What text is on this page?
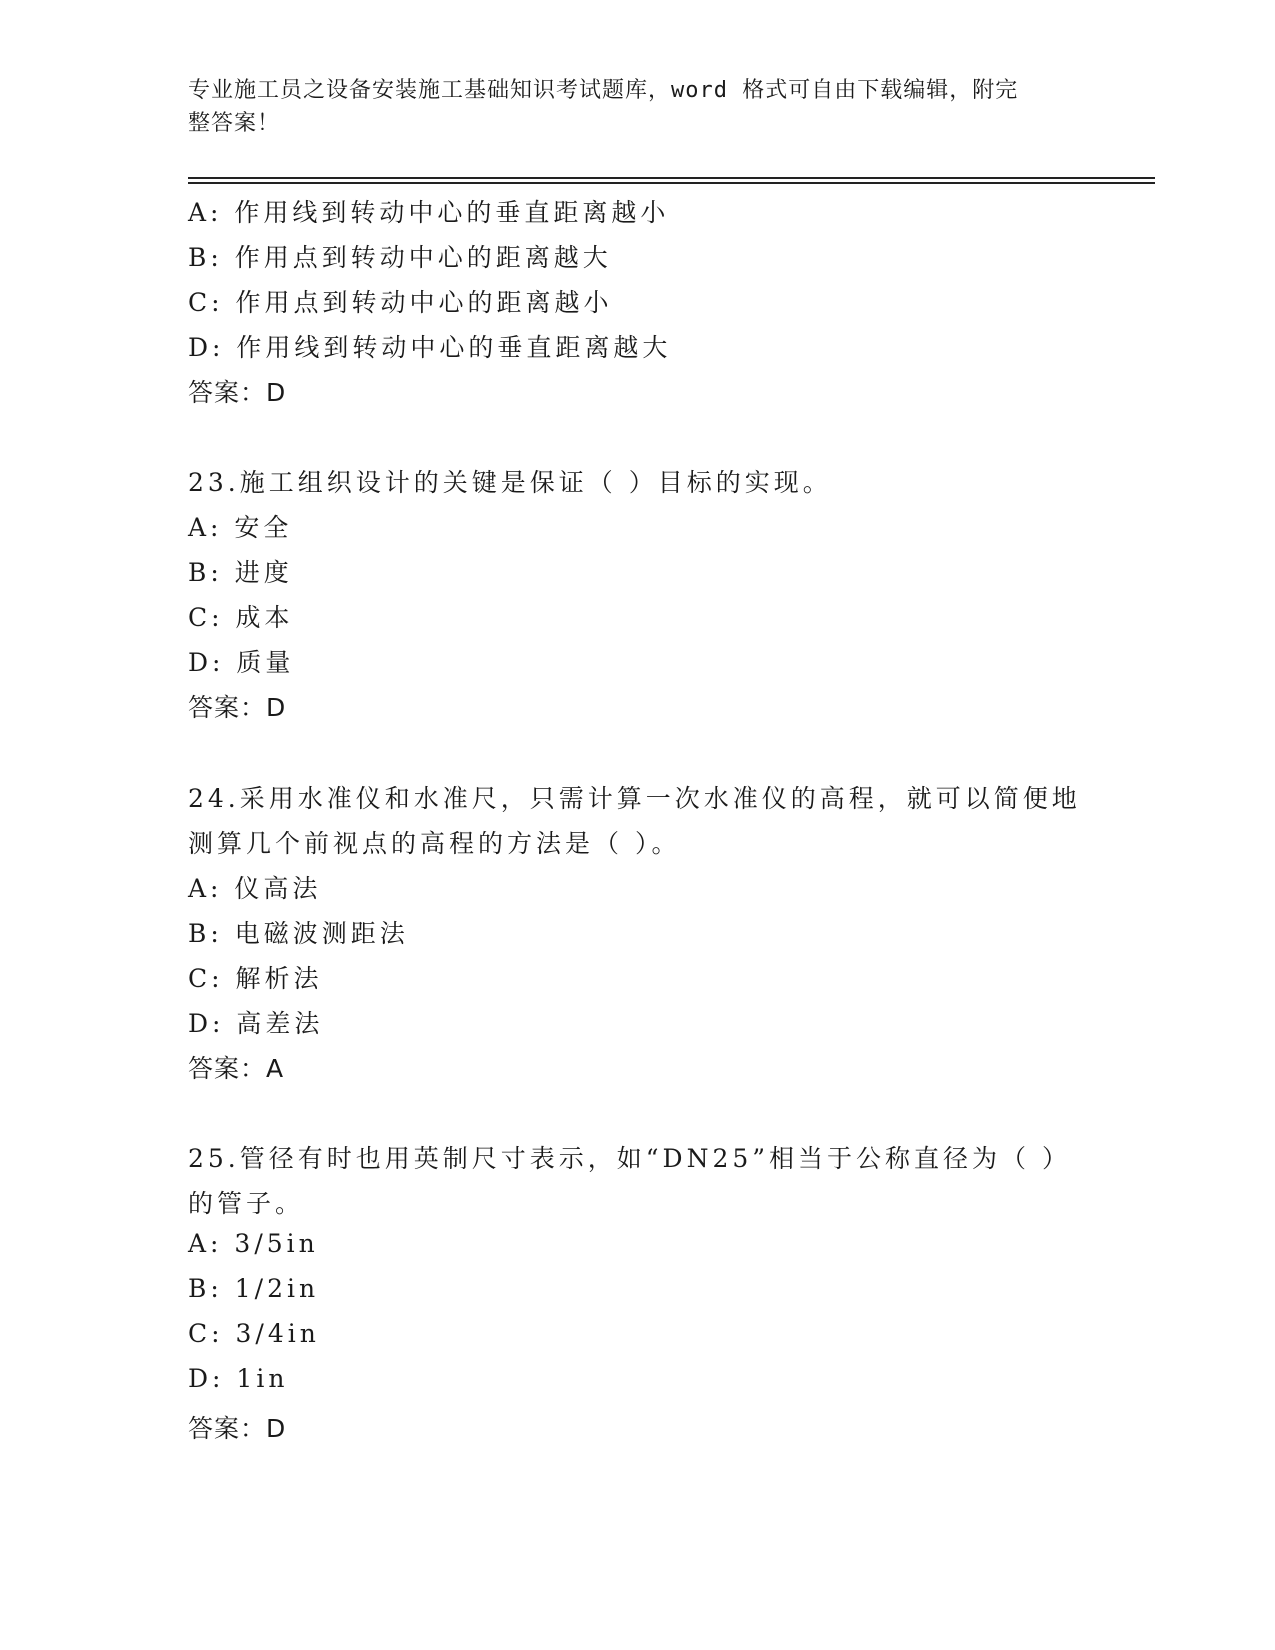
专业施工员之设备安装施工基础知识考试题库，word 格式可自由下载编辑，附完
整答案！
A: 作用线到转动中心的垂直距离越小
B: 作用点到转动中心的距离越大
C: 作用点到转动中心的距离越小
D: 作用线到转动中心的垂直距离越大
答案：D
23.施工组织设计的关键是保证（ ）目标的实现。
A: 安全
B: 进度
C: 成本
D: 质量
答案：D
24.采用水准仪和水准尺，只需计算一次水准仪的高程，就可以简便地
测算几个前视点的高程的方法是（ ）。
A: 仪高法
B: 电磁波测距法
C: 解析法
D: 高差法
答案：A
25.管径有时也用英制尺寸表示，如“DN25”相当于公称直径为（ ）
的管子。
A: 3/5in
B: 1/2in
C: 3/4in
D: 1in
答案：D
